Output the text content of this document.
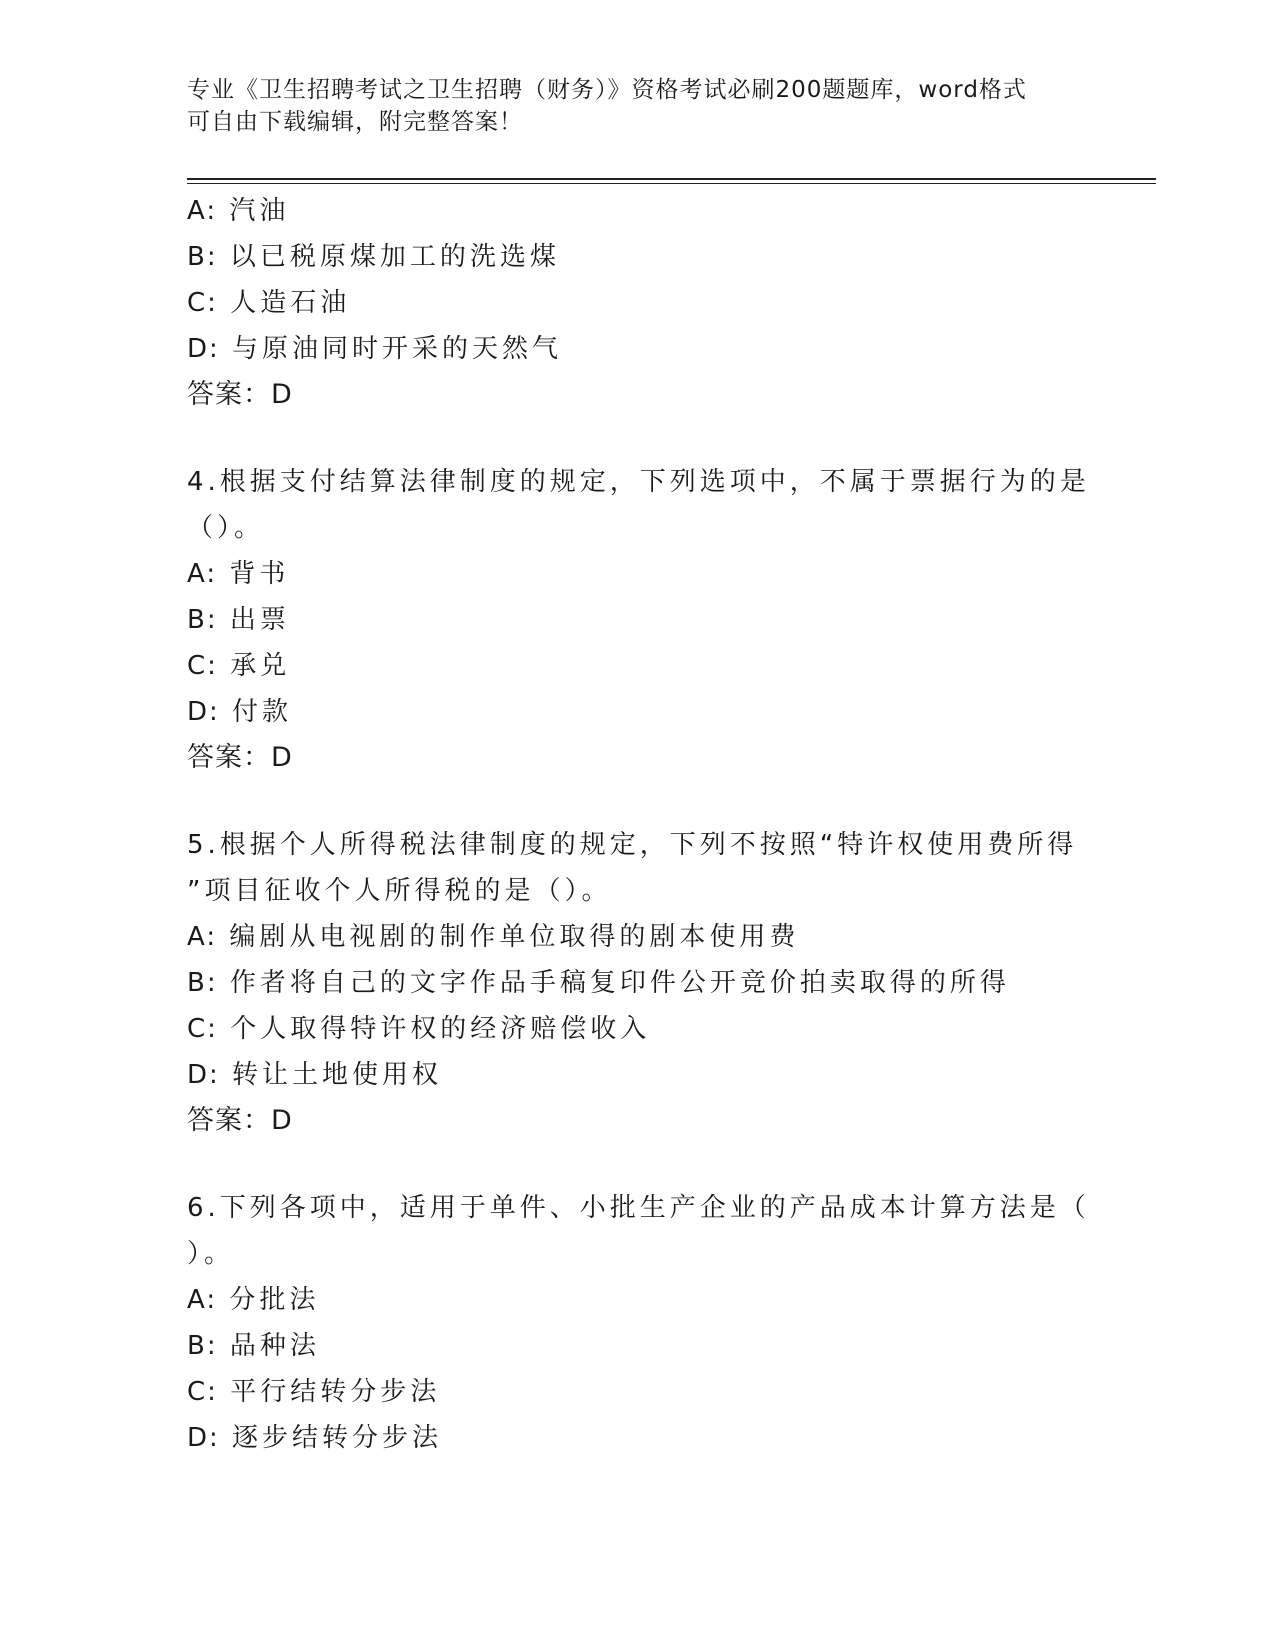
专业《卫生招聘考试之卫生招聘（财务）》资格考试必刷200题题库，word格式
可自由下载编辑，附完整答案！
A: 汽油
B: 以已税原煤加工的洗选煤
C: 人造石油
D: 与原油同时开采的天然气
答案：D
4.根据支付结算法律制度的规定，下列选项中，不属于票据行为的是
（）。
A: 背书
B: 出票
C: 承兑
D: 付款
答案：D
5.根据个人所得税法律制度的规定，下列不按照“特许权使用费所得
”项目征收个人所得税的是（）。
A: 编剧从电视剧的制作单位取得的剧本使用费
B: 作者将自己的文字作品手稿复印件公开竞价拍卖取得的所得
C: 个人取得特许权的经济赔偿收入
D: 转让土地使用权
答案：D
6.下列各项中，适用于单件、小批生产企业的产品成本计算方法是（
）。
A: 分批法
B: 品种法
C: 平行结转分步法
D: 逐步结转分步法
